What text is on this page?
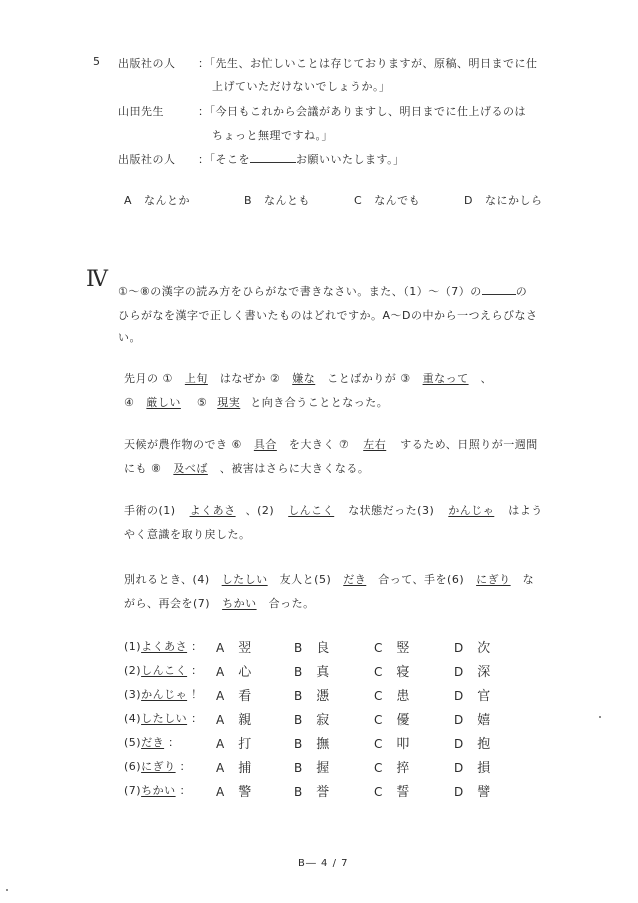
5 出版社の人 ：「先生、お忙しいことは存じておりますが、原稿、明日までに仕
上げていただけないでしょうか。」
山田先生	：「今日もこれから会議がありますし、明日までに仕上げるのは
ちょっと無理ですね。」
出版社の人 ：「そこを	お願いいたします。」
A なんとか	B なんとも	C なんでも	D なにかしら
Ⅳ ①〜⑧の漢字の読み方をひらがなで書きなさい。また、（1）〜（7）の	の
ひらがなを漢字で正しく書いたものはどれですか。A〜Dの中から一つえらびなさ
い。
先月の ① 上旬 はなぜか ② 嫌な ことばかりが ③ 重なって 、
④ 厳しい ⑤ 現実 と向き合うこととなった。
天候が農作物のでき ⑥ 具合 を大きく ⑦ 左右 するため、日照りが一週間
にも ⑧ 及べば 、被害はさらに大きくなる。
手術の(1) よくあさ 、(2) しんこく な状態だった(3) かんじゃ はよう
やく意識を取り戻した。
別れるとき、(4) したしい 友人と(5) だき 合って、手を(6) にぎり な
がら、再会を(7) ちかい 合った。
(1)よくあさ ： A 翌	B 良	C 竪	D 次
(2)しんこく ： A 心	B 真	C 寝	D 深
(3)かんじゃ ！ A 看	B 慿	C 患	D 官
(4)したしい ： A 親	B 寂	C 優	D 嬉
(5)だき ：	A 打	B 撫	C 叩	D 抱
(6)にぎり ： A 捕	B 握	C 捽	D 損
(7)ちかい ： A 警	B 誉	C 誓	D 譬
B― 4 / 7
